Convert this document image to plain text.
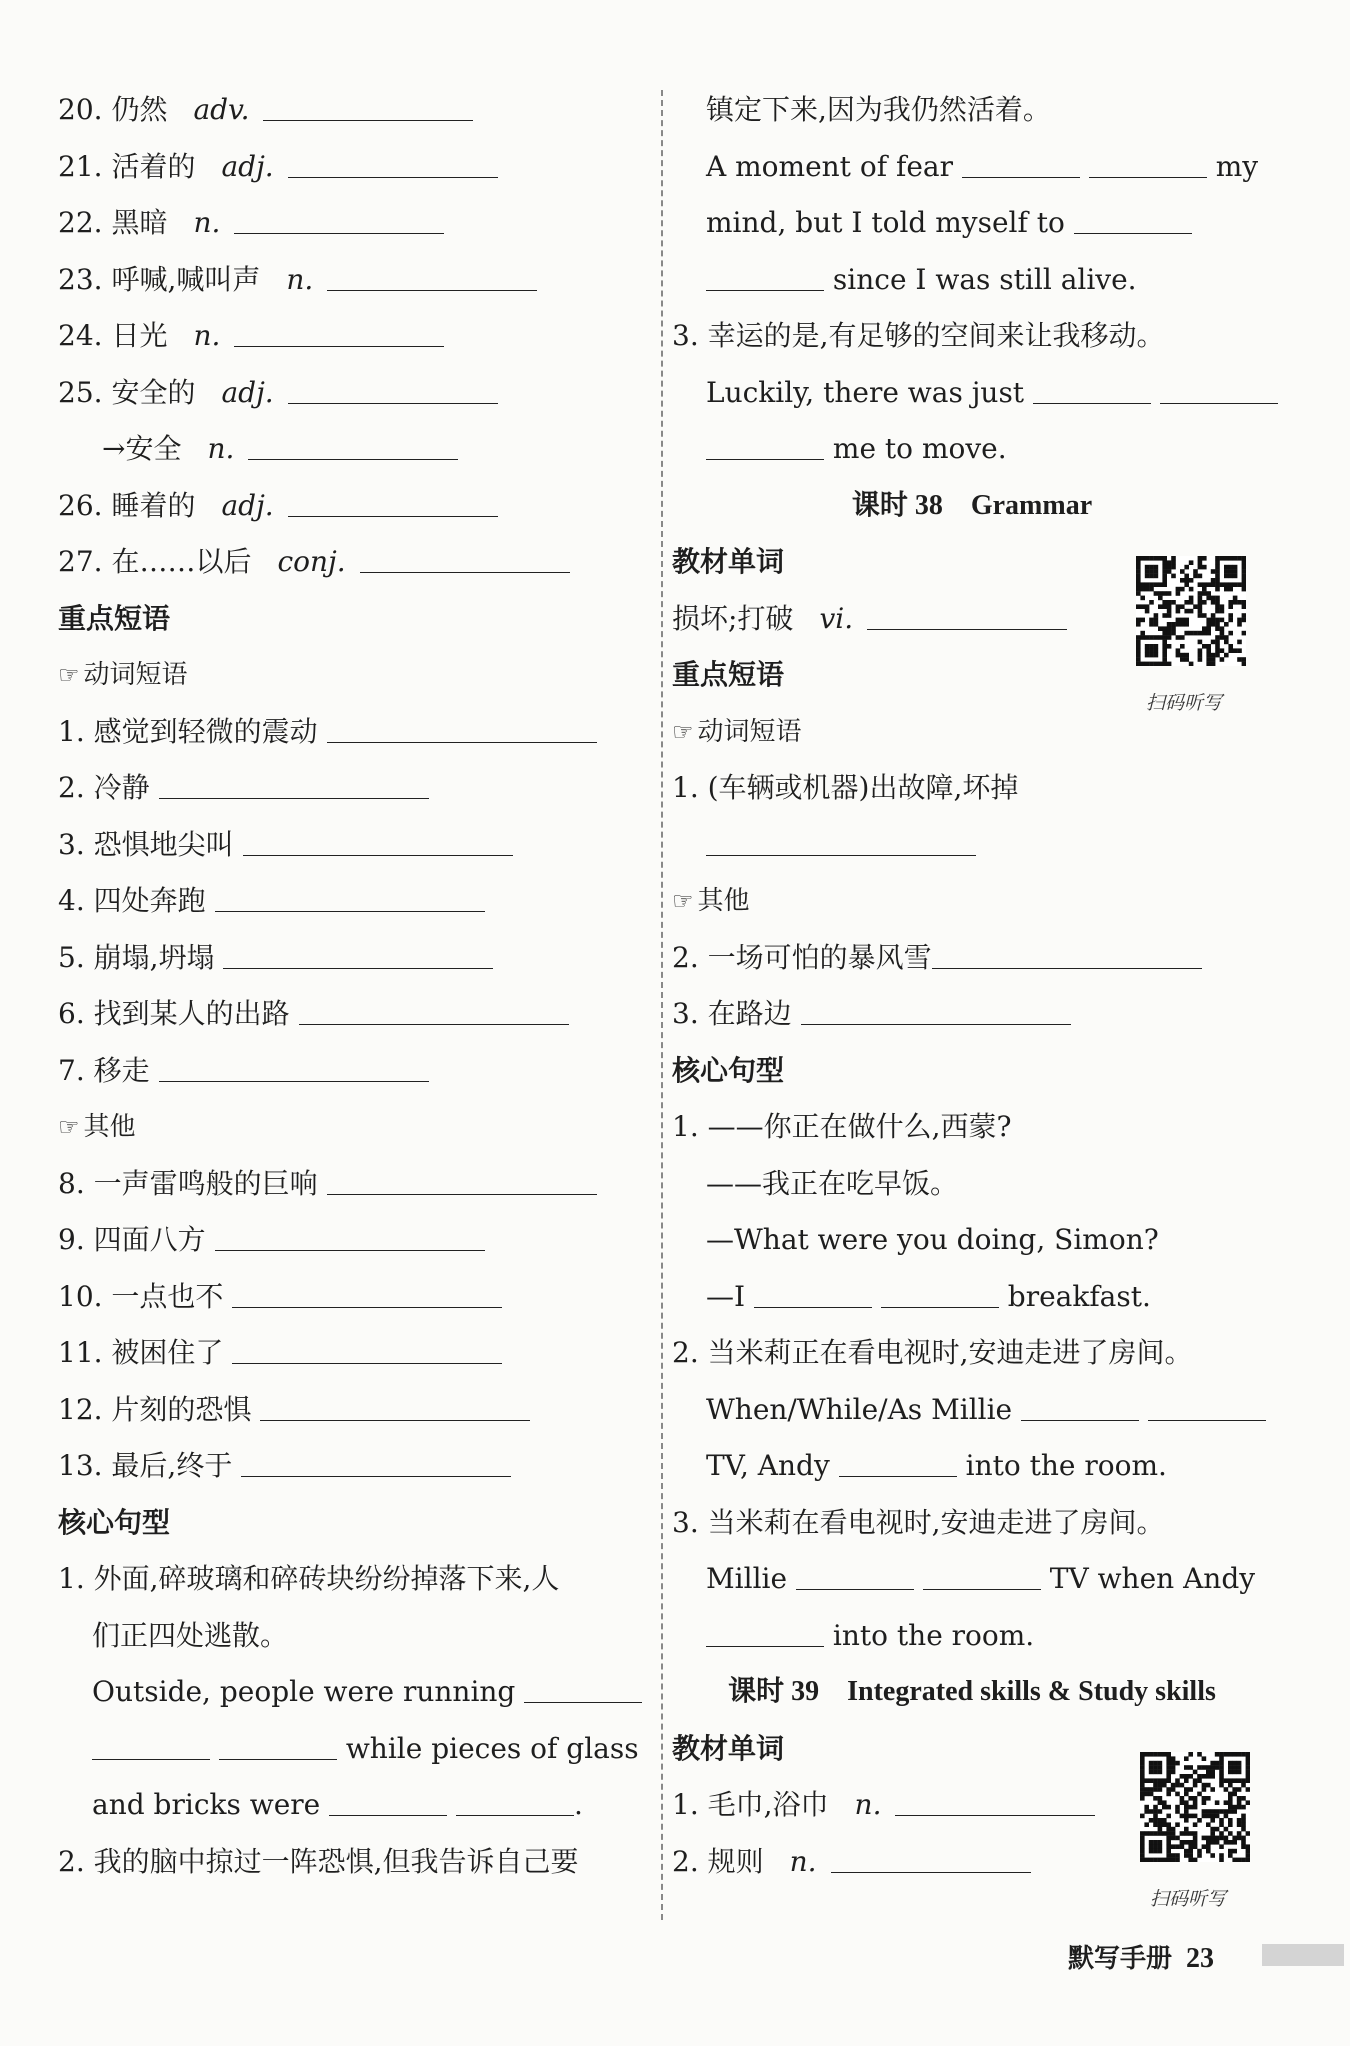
20. 仍然 adv.
21. 活着的 adj.
22. 黑暗 n.
23. 呼喊,喊叫声 n.
24. 日光 n.
25. 安全的 adj.
→安全 n.
26. 睡着的 adj.
27. 在……以后 conj.
重点短语
☞ 动词短语
1. 感觉到轻微的震动
2. 冷静
3. 恐惧地尖叫
4. 四处奔跑
5. 崩塌,坍塌
6. 找到某人的出路
7. 移走
☞ 其他
8. 一声雷鸣般的巨响
9. 四面八方
10. 一点也不
11. 被困住了
12. 片刻的恐惧
13. 最后,终于
核心句型
1. 外面,碎玻璃和碎砖块纷纷掉落下来,人
们正四处逃散。
Outside, people were running
while pieces of glass
and bricks were	.
2. 我的脑中掠过一阵恐惧,但我告诉自己要
镇定下来,因为我仍然活着。
A moment of fear	my
mind, but I told myself to
since I was still alive.
3. 幸运的是,有足够的空间来让我移动。
Luckily, there was just
me to move.
课时 38　Grammar
教材单词
损坏;打破 vi.
重点短语
☞ 动词短语
1. (车辆或机器)出故障,坏掉
☞ 其他
2. 一场可怕的暴风雪
3. 在路边
核心句型
1. ——你正在做什么,西蒙?
——我正在吃早饭。
—What were you doing, Simon?
—I	breakfast.
2. 当米莉正在看电视时,安迪走进了房间。
When/While/As Millie
TV, Andy	into the room.
3. 当米莉在看电视时,安迪走进了房间。
Millie	TV when Andy
into the room.
课时 39　Integrated skills & Study skills
教材单词
1. 毛巾,浴巾 n.
2. 规则 n.
扫码听写
扫码听写
默写手册 23
